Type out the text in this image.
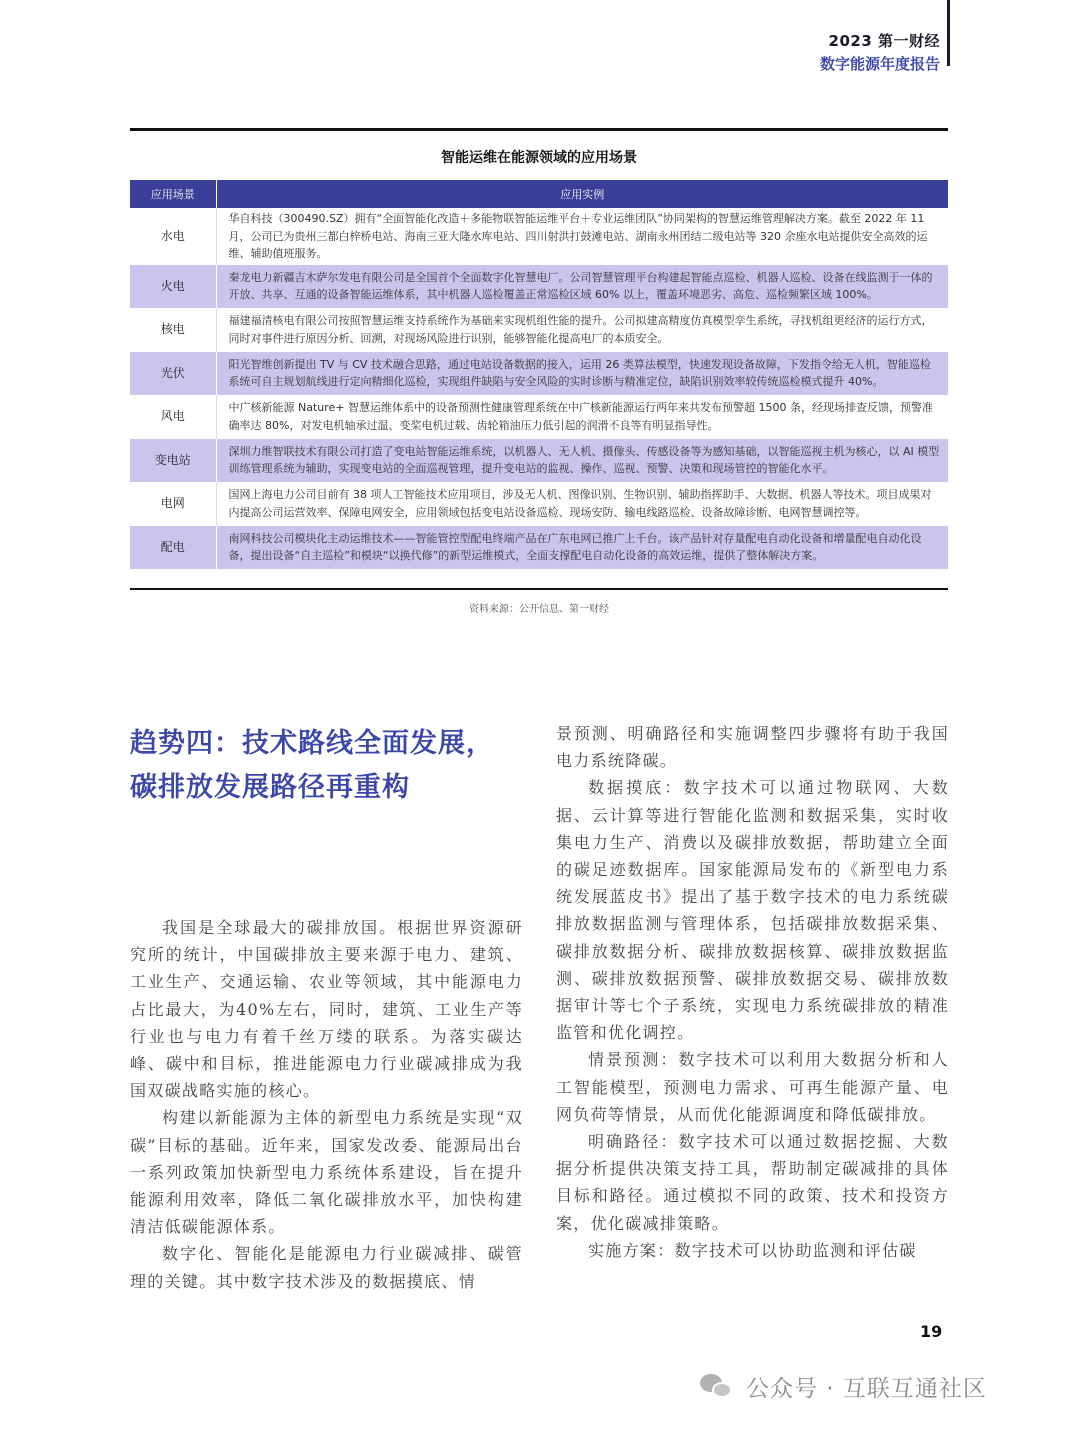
2023 第一财经
数字能源年度报告
智能运维在能源领域的应用场景
应用场景	应用实例
水电	华自科技（300490.SZ）拥有“全面智能化改造＋多能物联智能运维平台＋专业运维团队”协同架构的智慧运维管理解决方案。截至 2022 年 11 月，公司已为贵州三都白梓桥电站、海南三亚大隆水库电站、四川射洪打鼓滩电站、湖南永州团结二级电站等 320 余座水电站提供安全高效的运维、辅助值班服务。
火电	秦龙电力新疆吉木萨尔发电有限公司是全国首个全面数字化智慧电厂。公司智慧管理平台构建起智能点巡检、机器人巡检、设备在线监测于一体的开放、共享、互通的设备智能运维体系，其中机器人巡检覆盖正常巡检区域 60% 以上，覆盖环境恶劣、高危、巡检频繁区域 100%。
核电	福建福清核电有限公司按照智慧运维支持系统作为基础来实现机组性能的提升。公司拟建高精度仿真模型孪生系统，寻找机组更经济的运行方式，同时对事件进行原因分析、回溯，对现场风险进行识别，能够智能化提高电厂的本质安全。
光伏	阳光智维创新提出 TV 与 CV 技术融合思路，通过电站设备数据的接入，运用 26 类算法模型，快速发现设备故障，下发指令给无人机，智能巡检系统可自主规划航线进行定向精细化巡检，实现组件缺陷与安全风险的实时诊断与精准定位，缺陷识别效率较传统巡检模式提升 40%。
风电	中广核新能源 Nature+ 智慧运维体系中的设备预测性健康管理系统在中广核新能源运行两年来共发布预警超 1500 条，经现场排查反馈，预警准确率达 80%，对发电机轴承过温、变桨电机过载、齿轮箱油压力低引起的润滑不良等有明显指导性。
变电站	深圳力维智联技术有限公司打造了变电站智能运维系统，以机器人、无人机、摄像头、传感设备等为感知基础，以智能巡视主机为核心，以 AI 模型训练管理系统为辅助，实现变电站的全面巡视管理，提升变电站的监视、操作、巡视、预警、决策和现场管控的智能化水平。
电网	国网上海电力公司目前有 38 项人工智能技术应用项目，涉及无人机、图像识别、生物识别、辅助指挥助手、大数据、机器人等技术。项目成果对内提高公司运营效率、保障电网安全，应用领域包括变电站设备巡检、现场安防、输电线路巡检、设备故障诊断、电网智慧调控等。
配电	南网科技公司模块化主动运维技术——智能管控型配电终端产品在广东电网已推广上千台。该产品针对存量配电自动化设备和增量配电自动化设备，提出设备“自主巡检”和模块“以换代修”的新型运维模式，全面支撑配电自动化设备的高效运维，提供了整体解决方案。
资料来源：公开信息、第一财经
趋势四：技术路线全面发展，
碳排放发展路径再重构

我国是全球最大的碳排放国。根据世界资源研究所的统计，中国碳排放主要来源于电力、建筑、工业生产、交通运输、农业等领域，其中能源电力占比最大，为40%左右，同时，建筑、工业生产等行业也与电力有着千丝万缕的联系。为落实碳达峰、碳中和目标，推进能源电力行业碳减排成为我国双碳战略实施的核心。

构建以新能源为主体的新型电力系统是实现“双碳”目标的基础。近年来，国家发改委、能源局出台一系列政策加快新型电力系统体系建设，旨在提升能源利用效率，降低二氧化碳排放水平，加快构建清洁低碳能源体系。

数字化、智能化是能源电力行业碳减排、碳管理的关键。其中数字技术涉及的数据摸底、情

景预测、明确路径和实施调整四步骤将有助于我国电力系统降碳。

数据摸底：数字技术可以通过物联网、大数据、云计算等进行智能化监测和数据采集，实时收集电力生产、消费以及碳排放数据，帮助建立全面的碳足迹数据库。国家能源局发布的《新型电力系统发展蓝皮书》提出了基于数字技术的电力系统碳排放数据监测与管理体系，包括碳排放数据采集、碳排放数据分析、碳排放数据核算、碳排放数据监测、碳排放数据预警、碳排放数据交易、碳排放数据审计等七个子系统，实现电力系统碳排放的精准监管和优化调控。

情景预测：数字技术可以利用大数据分析和人工智能模型，预测电力需求、可再生能源产量、电网负荷等情景，从而优化能源调度和降低碳排放。

明确路径：数字技术可以通过数据挖掘、大数据分析提供决策支持工具，帮助制定碳减排的具体目标和路径。通过模拟不同的政策、技术和投资方案，优化碳减排策略。

实施方案：数字技术可以协助监测和评估碳

19
公众号 · 互联互通社区
